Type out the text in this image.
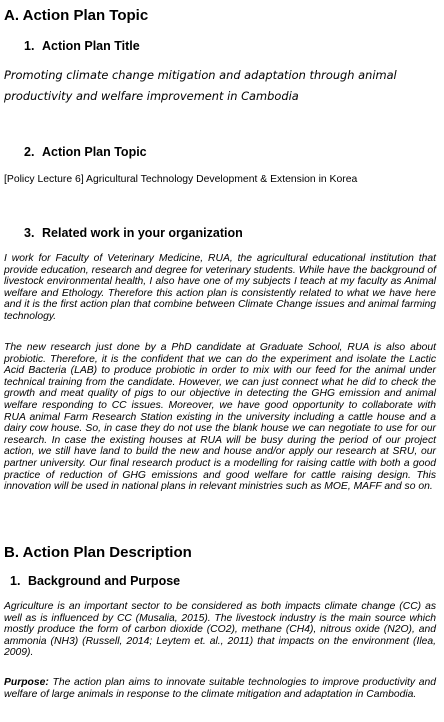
A. Action Plan Topic
1. Action Plan Title
Promoting climate change mitigation and adaptation through animal productivity and welfare improvement in Cambodia
2. Action Plan Topic
[Policy Lecture 6] Agricultural Technology Development & Extension in Korea
3. Related work in your organization
I work for Faculty of Veterinary Medicine, RUA, the agricultural educational institution that provide education, research and degree for veterinary students. While have the background of livestock environmental health, I also have one of my subjects I teach at my faculty as Animal welfare and Ethology. Therefore this action plan is consistently related to what we have here and it is the first action plan that combine between Climate Change issues and animal farming technology.
The new research just done by a PhD candidate at Graduate School, RUA is also about probiotic. Therefore, it is the confident that we can do the experiment and isolate the Lactic Acid Bacteria (LAB) to produce probiotic in order to mix with our feed for the animal under technical training from the candidate. However, we can just connect what he did to check the growth and meat quality of pigs to our objective in detecting the GHG emission and animal welfare responding to CC issues. Moreover, we have good opportunity to collaborate with RUA animal Farm Research Station existing in the university including a cattle house and a dairy cow house. So, in case they do not use the blank house we can negotiate to use for our research. In case the existing houses at RUA will be busy during the period of our project action, we still have land to build the new and house and/or apply our research at SRU, our partner university. Our final research product is a modelling for raising cattle with both a good practice of reduction of GHG emissions and good welfare for cattle raising design. This innovation will be used in national plans in relevant ministries such as MOE, MAFF and so on.
B. Action Plan Description
1. Background and Purpose
Agriculture is an important sector to be considered as both impacts climate change (CC) as well as is influenced by CC (Musalia, 2015). The livestock industry is the main source which mostly produce the form of carbon dioxide (CO2), methane (CH4), nitrous oxide (N2O), and ammonia (NH3) (Russell, 2014; Leytem et. al., 2011) that impacts on the environment (Ilea, 2009).
Purpose: The action plan aims to innovate suitable technologies to improve productivity and welfare of large animals in response to the climate mitigation and adaptation in Cambodia.
